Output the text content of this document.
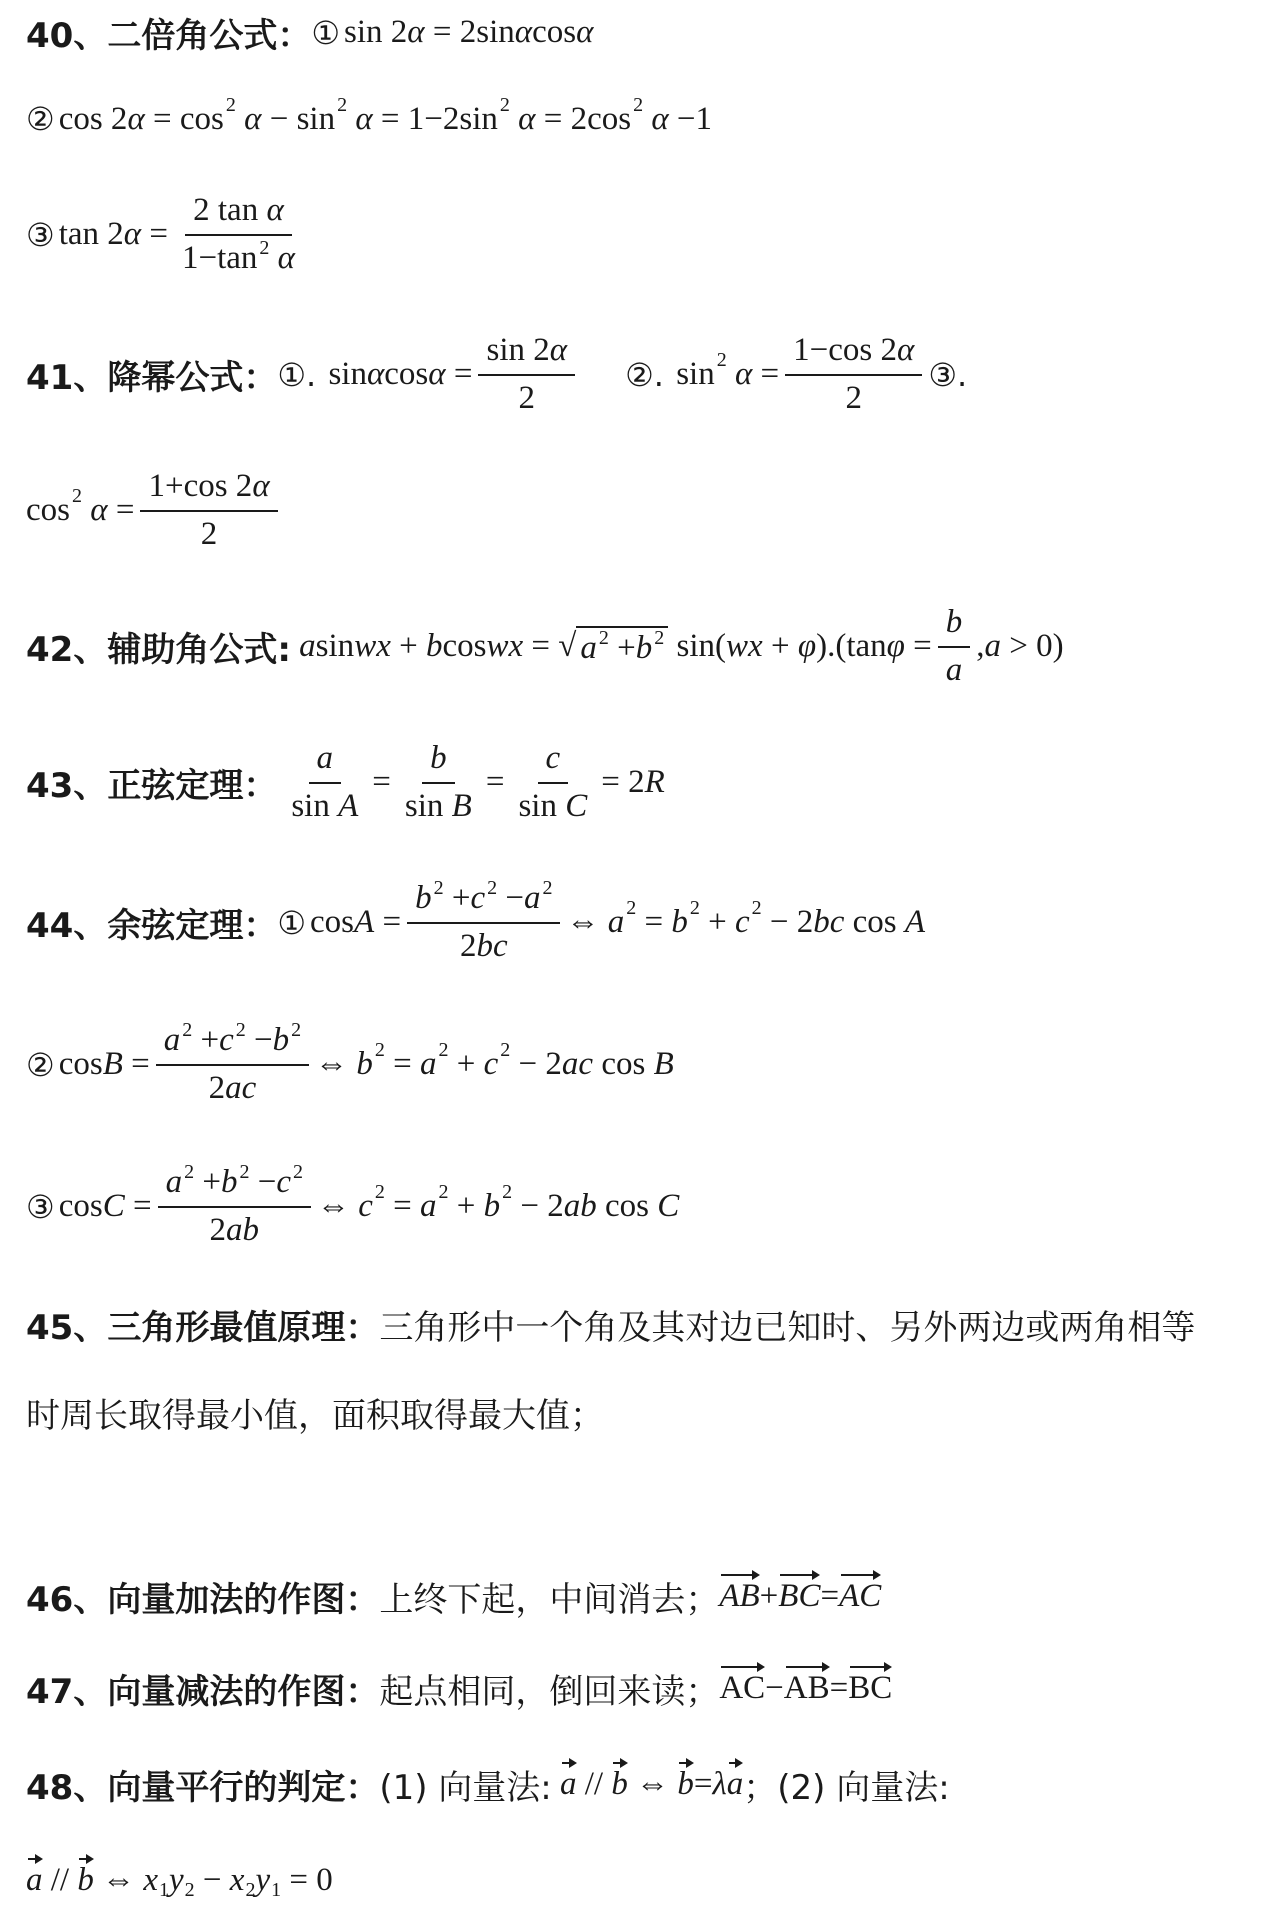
40、二倍角公式： ① sin 2 α = 2sin α cos α
② cos 2 α = cos 2
α − sin 2
α = 1−2sin 2
α = 2cos 2
α −1
③ tan 2 $\alpha = \frac{\text{2 tan α}}{1-\tan ^2 \alpha}$
41、降幂公式： ①. sin α $\cos \alpha = \frac{\sin 2\alpha}{2}$ ②. sin 2
$\alpha = \frac{1-\cos 2\alpha}{2}$ ③.
cos 2
$\alpha = \frac{1+\cos 2\alpha}{2}$
42、辅助角公式:
a sin wx + b cos wx = √ a $^2$ +b $^2$ sin( wx + φ ).(tan $\varphi = \frac{b}{a}$ , a > 0)
43、正弦定理： $\frac{a}{\text{sin A}} = \frac{b}{\text{sin B}} = \frac{c}{\text{sin C}} = 2$ R
44、余弦定理： ① $\cos A = \frac{b ^2 +c ^2 -a ^2}{2bc}$ ⇔ a 2 = b 2 + c 2 − 2 bc cos A
② $\cos B = \frac{a ^2 +c ^2 -b ^2}{2ac}$ ⇔ b 2 = a 2 + c 2 − 2 ac cos B
③ $\cos C = \frac{a ^2 +b ^2 -c ^2}{2ab}$ ⇔ c 2 = a 2 + b 2 − 2 ab cos C
45、三角形最值原理： 三角形中一个角及其对边已知时、另外两边或两角相等
时周长取得最小值，面积取得最大值；
46、向量加法的作图： 上终下起，中间消去； AB + BC = AC
47、向量减法的作图： 起点相同，倒回来读； AC − AB = BC
48、向量平行的判定： (1) 向量法:
a // b ⇔ b = λ a ； (2) 向量法:
a // b ⇔ x 1 y 2 − x 2 y 1 = 0
